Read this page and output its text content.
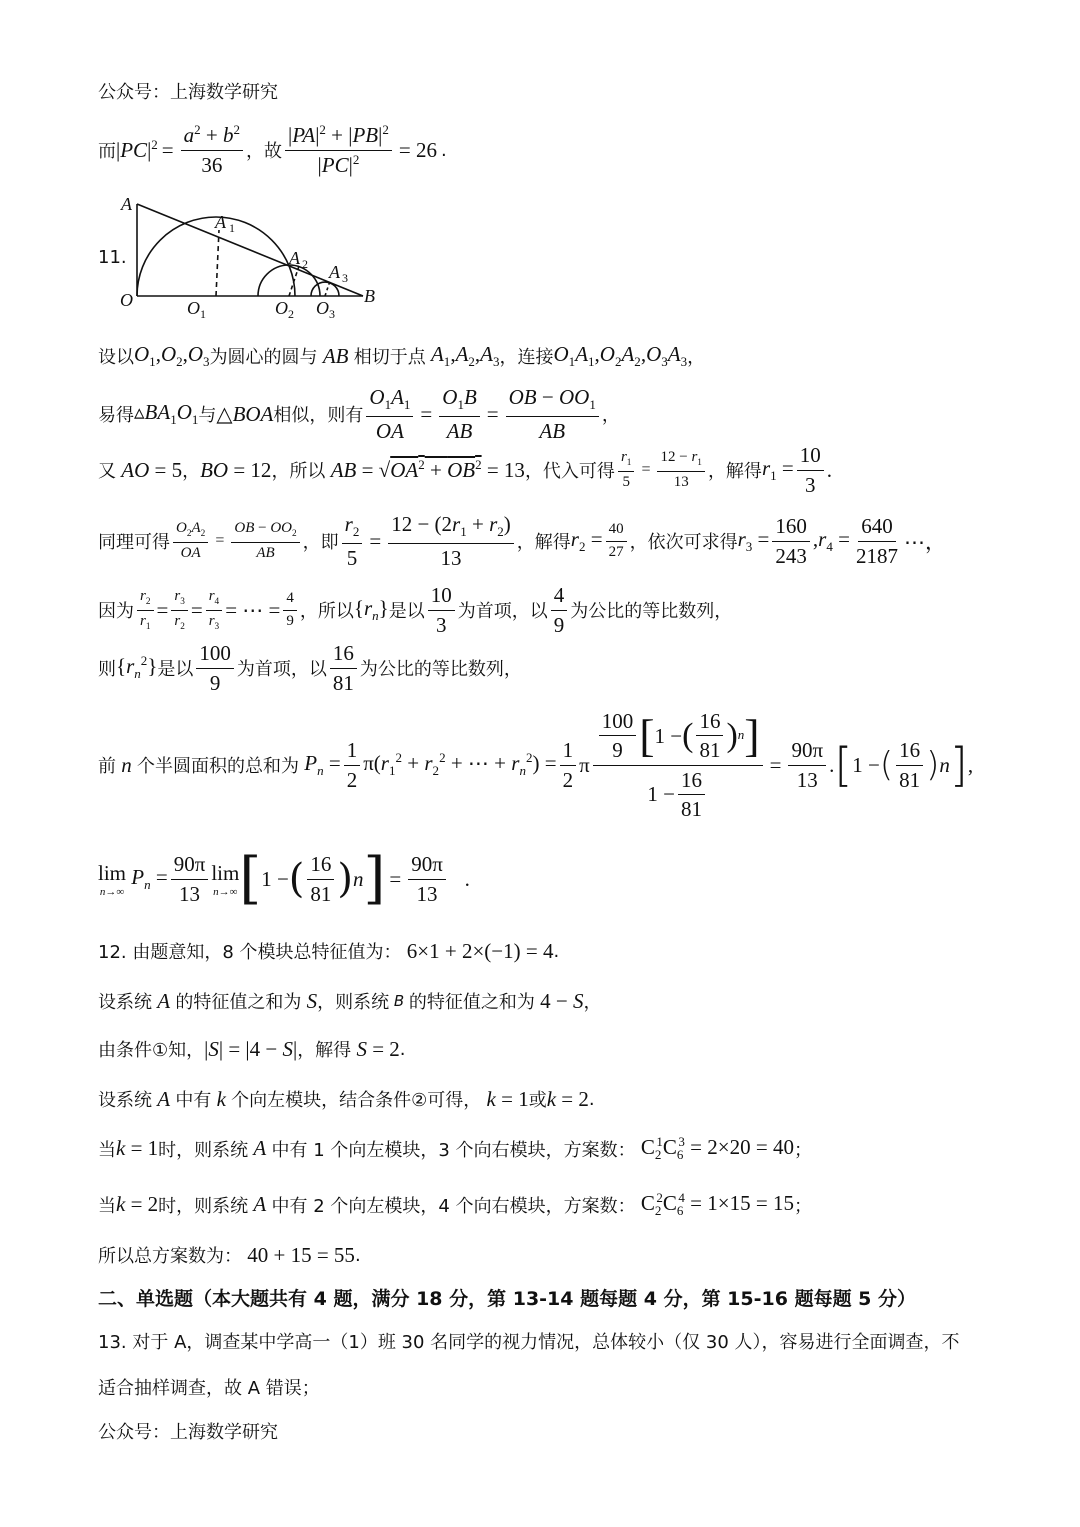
公众号：上海数学研究
而 $|PC|^2 = \frac{a^2 + b^2}{36}$ ，故 $\frac{|PA|^2 + |PB|^2}{|PC|^2} = 26$ .
11.
A
A 1
A 2 A 3
O	O 1	O 2 O 3
B
设以 $O_1,O_2,O_3$ 为圆心的圆与 AB 相切于点 $A_1,A_2,A_3$ ，连接 $O_1A_1,O_2A_2,O_3A_3$ ，
易得 $▵BA_1O_1$ 与 △BOA 相似，则有 $\frac{O_1A_1}{OA} = \frac{O_1B}{AB} = \frac{OB - OO_1}{AB}$ ，
又 AO = 5 ， BO = 12 ，所以 AB = $√OA^2 + OB^2 = 13$ ，代入可得 $\frac{r_1}{5} = \frac{12 - r_1}{13}$ ，解得 $r_1 = \frac{10}{3}$ .
同理可得 $\frac{O_2A_2}{OA} = \frac{OB - OO_2}{AB}$ ，即 $\frac{r_2}{5} = \frac{12 - (2r_1 + r_2)}{13}$ ，解得 $r_2 = \frac{40}{27}$ ，依次可求得 $r_3 = \frac{160}{243} ,r_4 = \frac{640}{2187}$ ⋯，
因为 $\frac{r_2}{r_1} = \frac{r_3}{r_2} = \frac{r_4}{r_3}$ = ⋯ = $\frac{4}{9}$ ，所以 $\{r_n\}$ 是以 $\frac{10}{3}$ 为首项，以 $\frac{4}{9}$ 为公比的等比数列，
则 $\{r_n^2\}$ 是以 $\frac{100}{9}$ 为首项，以 $\frac{16}{81}$ 为公比的等比数列，
前 n 个半圆面积的总和为 $P_n = \frac{1}{2} \pi(r_1^2 + r_2^2$ + ⋯ + $r_n^2) = \frac{1}{2}$ π $\frac{\frac{100}{9} [ 1 - ( \frac{16}{81} ) n ]}{1 - \frac{16}{81}} = \frac{90\pi}{13}$ . [ 1 − ( $\frac{16}{81}$ ) n ] ,
lim
n→∞
$P_n = \frac{90\pi}{13}$ lim
n→∞ [ 1 − ( $\frac{16}{81}$ ) n ] = $\frac{90\pi}{13}$ .
12. 由题意知，8 个模块总特征值为： 6×1 + 2×(−1) = 4 .
设系统 A 的特征值之和为 S ，则系统 B 的特征值之和为 4 − S ，
由条件①知， |S| = |4 − S| ，解得 S = 2 .
设系统 A 中有 k 个向左模块，结合条件②可得， k = 1 或 k = 2 .
当 k = 1 时，则系统 A 中有 1 个向左模块，3 个向右模块，方案数： $C_2^1C_6^3 = 2\times 20 = 40$ ；
当 k = 2 时，则系统 A 中有 2 个向左模块，4 个向右模块，方案数： $C_2^2C_6^4 = 1\times 15 = 15$ ；
所以总方案数为： 40 + 15 = 55 .
二、单选题（本大题共有 4 题，满分 18 分，第 13-14 题每题 4 分，第 15-16 题每题 5 分）
13. 对于 A，调查某中学高一（1）班 30 名同学的视力情况，总体较小（仅 30 人），容易进行全面调查，不
适合抽样调查，故 A 错误；
公众号：上海数学研究
